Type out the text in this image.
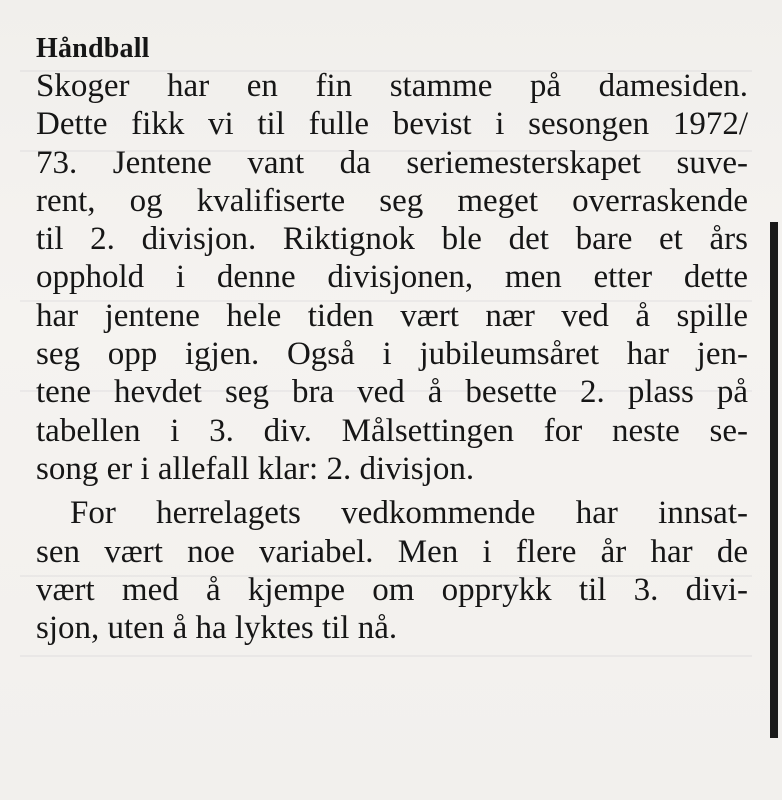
Håndball
Skoger har en fin stamme på damesiden.
Dette fikk vi til fulle bevist i sesongen 1972/
73. Jentene vant da seriemesterskapet suve-
rent, og kvalifiserte seg meget overraskende
til 2. divisjon. Riktignok ble det bare et års
opphold i denne divisjonen, men etter dette
har jentene hele tiden vært nær ved å spille
seg opp igjen. Også i jubileumsåret har jen-
tene hevdet seg bra ved å besette 2. plass på
tabellen i 3. div. Målsettingen for neste se-
song er i allefall klar: 2. divisjon.
For herrelagets vedkommende har innsat-
sen vært noe variabel. Men i flere år har de
vært med å kjempe om opprykk til 3. divi-
sjon, uten å ha lyktes til nå.
